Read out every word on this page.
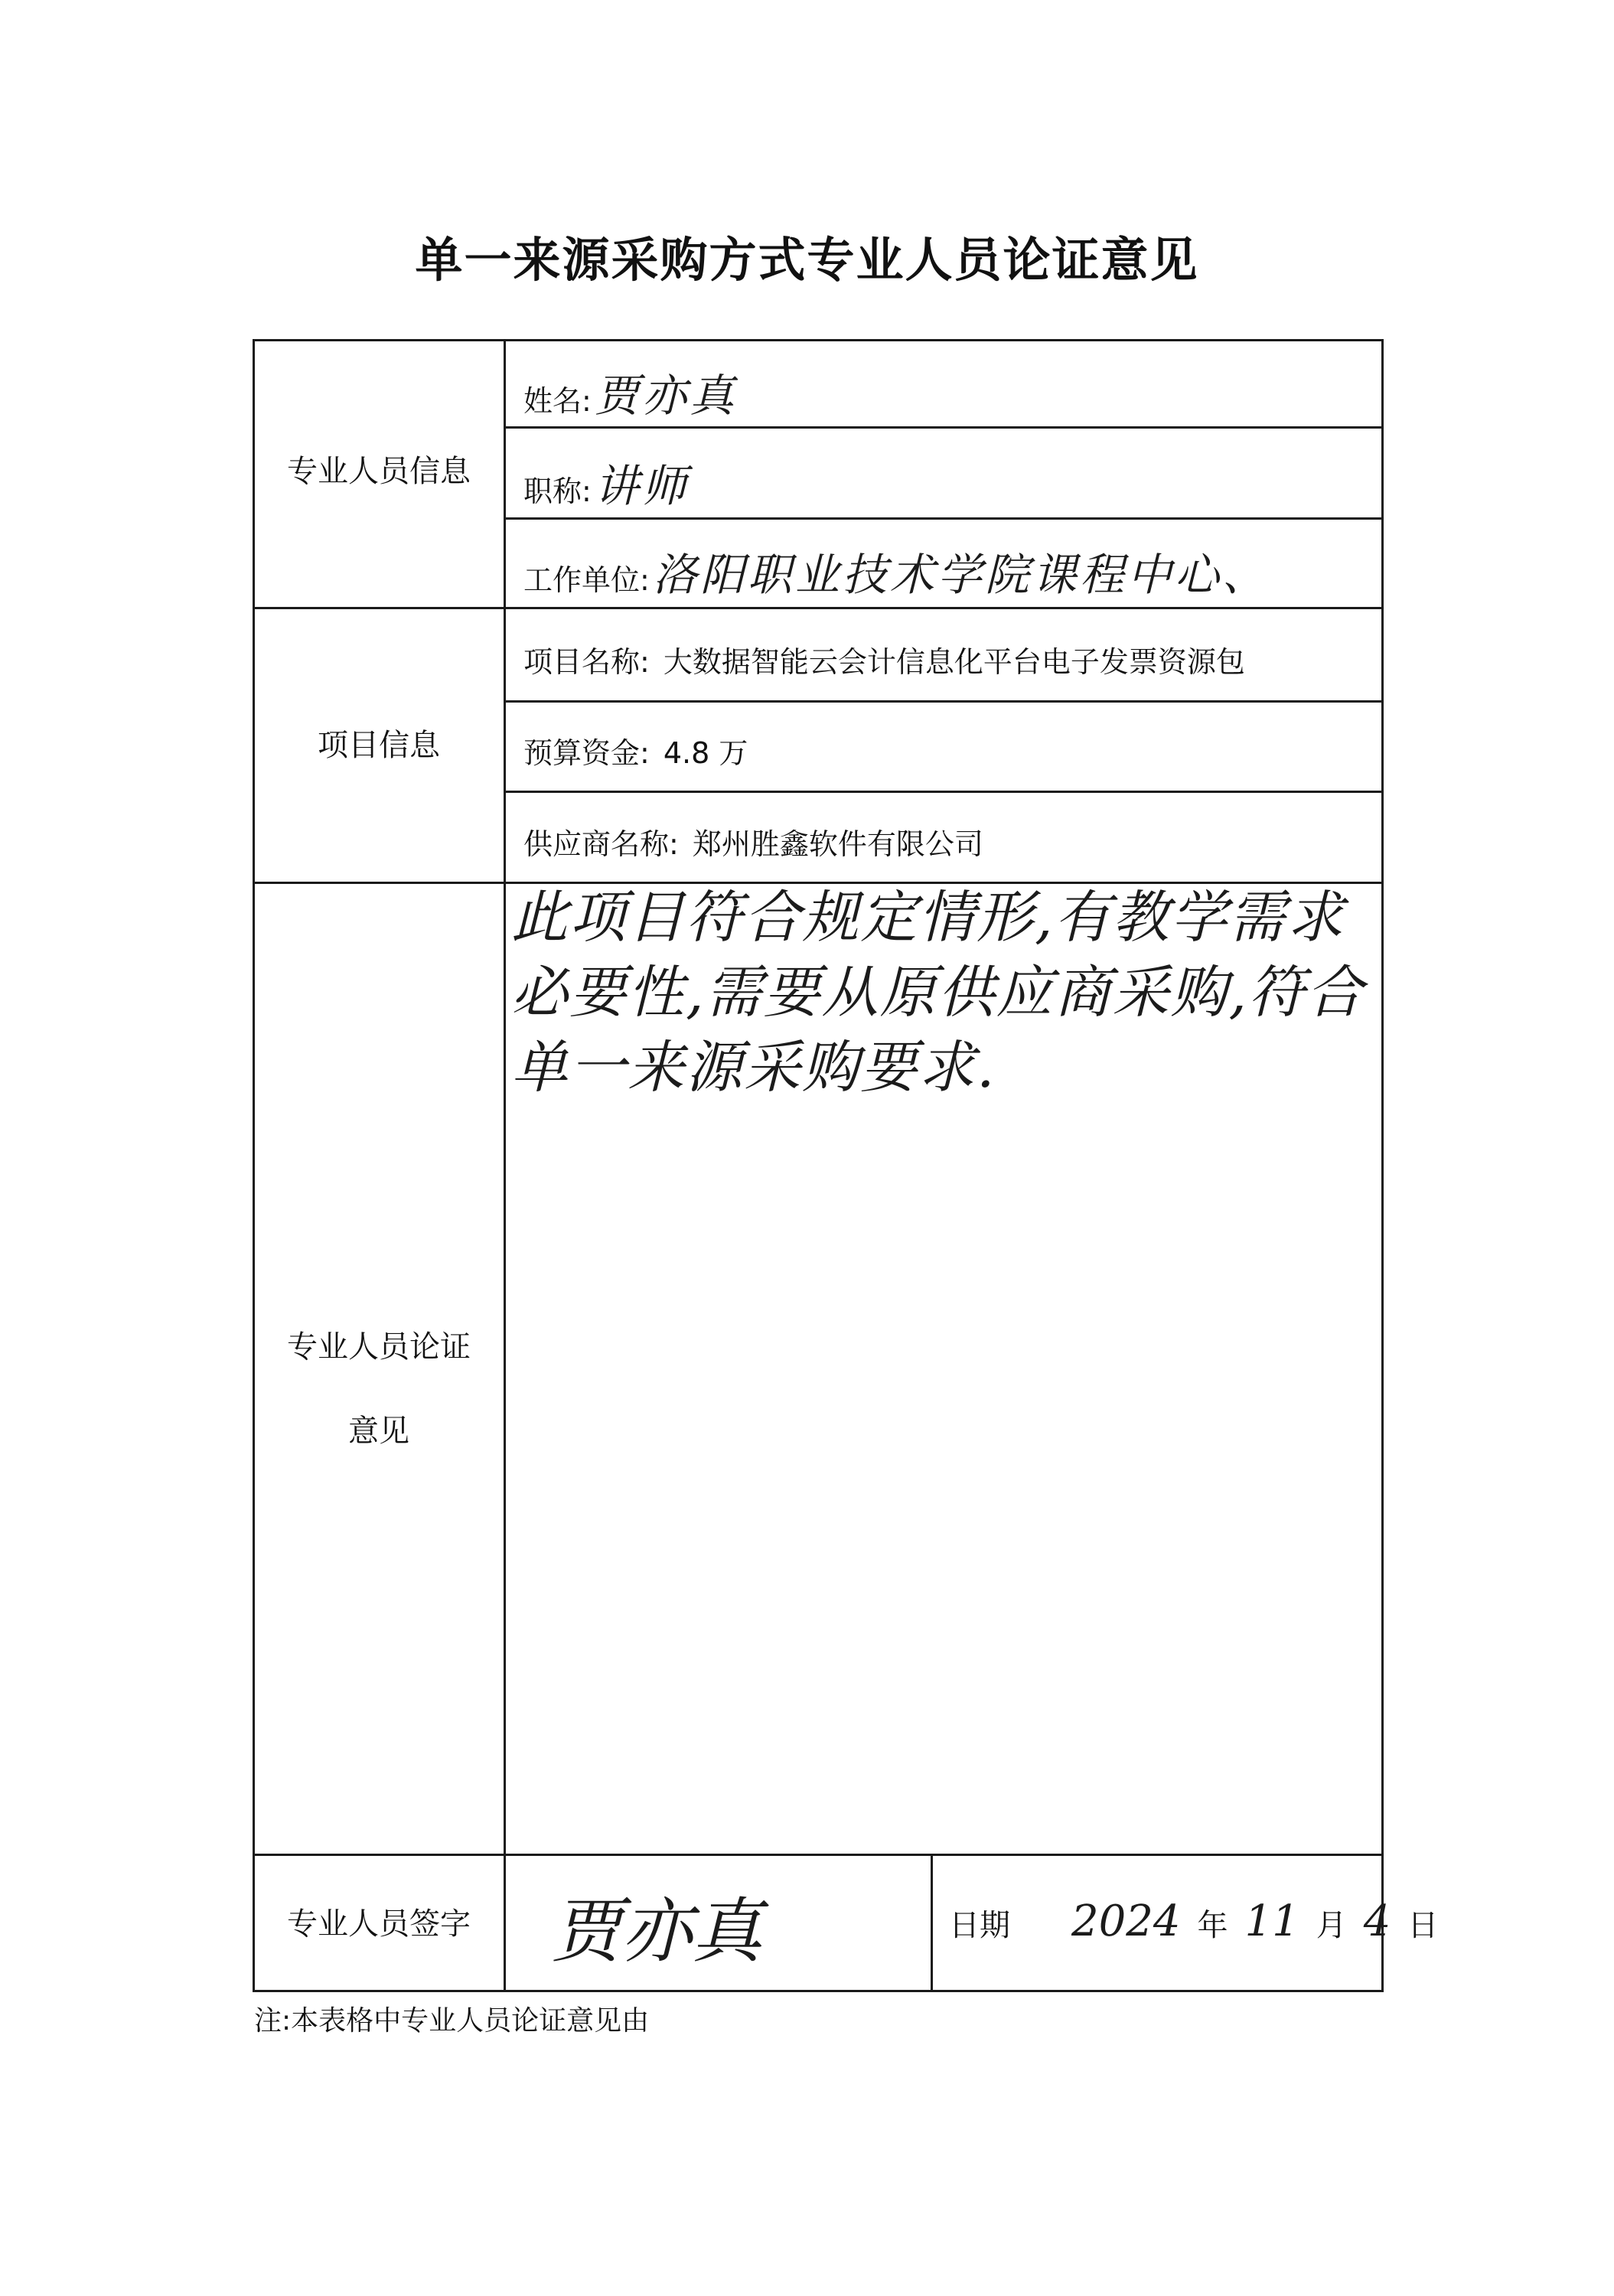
单一来源采购方式专业人员论证意见
专业人员信息
项目信息
专业人员论证意见
专业人员签字
姓名: 贾亦真
职称: 讲师
工作单位: 洛阳职业技术学院课程中心、
项目名称: 大数据智能云会计信息化平台电子发票资源包
预算资金: 4.8 万
供应商名称: 郑州胜鑫软件有限公司
此项目符合规定情形,有教学需求必要性,需要从原供应商采购,符合单一来源采购要求.
贾亦真	日期 2024 年 11 月 4 日
注:本表格中专业人员论证意见由
